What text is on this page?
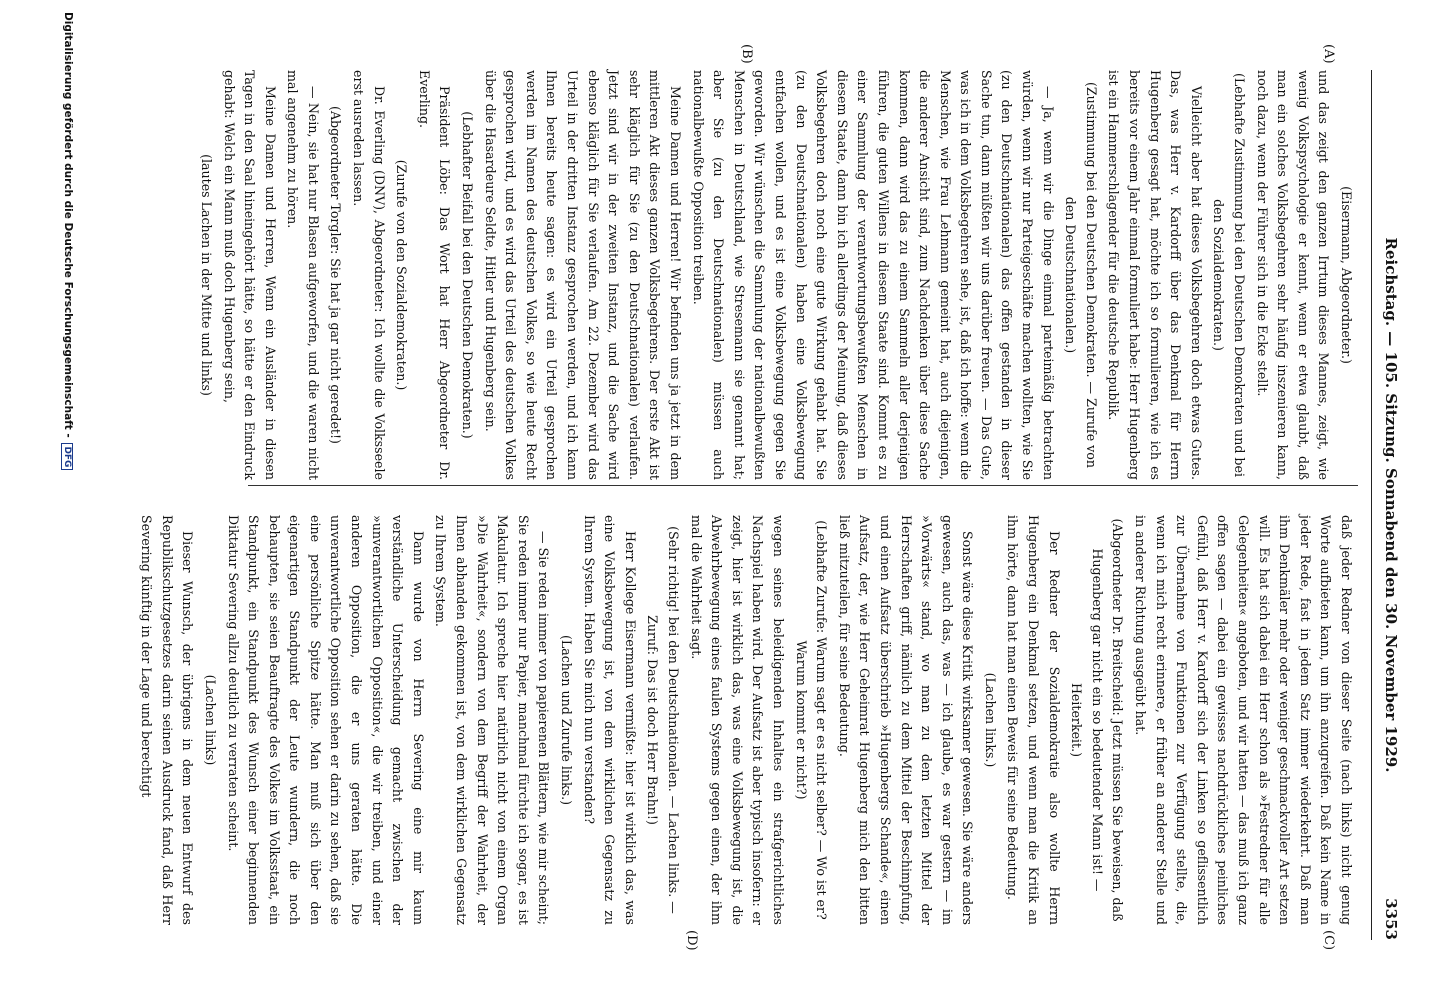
Reichstag. — 105. Sitzung. Sonnabend den 30. November 1929.
3353
(A)
(B)
(C)
(D)

(Eisermann, Abgeordneter.)

und das zeigt den ganzen Irrtum dieses Mannes, zeigt, wie wenig Volkspsychologie er kennt, wenn er etwa glaubt, daß man ein solches Volksbegehren sehr häufig inszenieren kann, noch dazu, wenn der Führer sich in die Ecke stellt.

(Lebhafte Zustimmung bei den Deutschen Demokraten und bei den Sozialdemokraten.)

Vielleicht aber hat dieses Volksbegehren doch etwas Gutes. Das, was Herr v. Kardorff über das Denkmal für Herrn Hugenberg gesagt hat, möchte ich so formulieren, wie ich es bereits vor einem Jahr einmal formuliert habe: Herr Hugenberg ist ein Hammerschlagender für die deutsche Republik.

(Zustimmung bei den Deutschen Demokraten. — Zurufe von den Deutschnationalen.)

— Ja, wenn wir die Dinge einmal parteimäßig betrachten würden, wenn wir nur Parteigeschäfte machen wollten, wie Sie (zu den Deutschnationalen) das offen gestanden in dieser Sache tun, dann müßten wir uns darüber freuen. — Das Gute, was ich in dem Volksbegehren sehe, ist, daß ich hoffe: wenn die Menschen, wie Frau Lehmann gemeint hat, auch diejenigen, die anderer Ansicht sind, zum Nachdenken über diese Sache kommen, dann wird das zu einem Sammeln aller derjenigen führen, die guten Willens in diesem Staate sind. Kommt es zu einer Sammlung der verantwortungsbewußten Menschen in diesem Staate, dann bin ich allerdings der Meinung, daß dieses Volksbegehren doch noch eine gute Wirkung gehabt hat. Sie (zu den Deutschnationalen) haben eine Volksbewegung entfachen wollen, und es ist eine Volksbewegung gegen Sie geworden. Wir wünschen die Sammlung der nationalbewußten Menschen in Deutschland, wie Stresemann sie genannt hat; aber Sie (zu den Deutschnationalen) müssen auch nationalbewußte Opposition treiben.

Meine Damen und Herren! Wir befinden uns ja jetzt in dem mittleren Akt dieses ganzen Volksbegehrens. Der erste Akt ist sehr kläglich für Sie (zu den Deutschnationalen) verlaufen. Jetzt sind wir in der zweiten Instanz, und die Sache wird ebenso kläglich für Sie verlaufen. Am 22. Dezember wird das Urteil in der dritten Instanz gesprochen werden, und ich kann Ihnen bereits heute sagen: es wird ein Urteil gesprochen werden im Namen des deutschen Volkes, so wie heute Recht gesprochen wird, und es wird das Urteil des deutschen Volkes über die Hasardeure Seldte, Hitler und Hugenberg sein.

(Lebhafter Beifall bei den Deutschen Demokraten.)

Präsident Löbe: Das Wort hat Herr Abgeordneter Dr. Everling.

(Zurufe von den Sozialdemokraten.)

Dr. Everling (DNV), Abgeordneter: Ich wollte die Volksseele erst ausreden lassen.

(Abgeordneter Torgler: Sie hat ja gar nicht geredet!)

— Nein, sie hat nur Blasen aufgeworfen, und die waren nicht mal angenehm zu hören.

Meine Damen und Herren, Wenn ein Ausländer in diesen Tagen in den Saal hineingehört hätte, so hätte er den Eindruck gehabt: Welch ein Mann muß doch Hugenberg sein,

(lautes Lachen in der Mitte und links)

daß jeder Redner von dieser Seite (nach links) nicht genug Worte aufbieten kann, um ihn anzugreifen. Daß kein Name in jeder Rede, fast in jedem Satz immer wiederkehrt. Daß man ihm Denkmäler mehr oder weniger geschmackvoller Art setzen will. Es hat sich dabei ein Herr schon als »Festredner für alle Gelegenheiten« angeboten, und wir hatten — das muß ich ganz offen sagen — dabei ein gewisses nachdrückliches peinliches Gefühl, daß Herr v. Kardorff sich der Linken so geflissentlich zur Übernahme von Funktionen zur Verfügung stellte, die, wenn ich mich recht erinnere, er früher an anderer Stelle und in anderer Richtung ausgeübt hat.

(Abgeordneter Dr. Breitscheid: Jetzt müssen Sie beweisen, daß Hugenberg gar nicht ein so bedeutender Mann ist! — Heiterkeit.)

Der Redner der Sozialdemokratie also wollte Herrn Hugenberg ein Denkmal setzen, und wenn man die Kritik an ihm hörte, dann hat man einen Beweis für seine Bedeutung.

(Lachen links.)

Sonst wäre diese Kritik wirksamer gewesen. Sie wäre anders gewesen, auch das, was — ich glaube, es war gestern — im »Vorwärts« stand, wo man zu dem letzten Mittel der Herrschaften griff, nämlich zu dem Mittel der Beschimpfung, und einen Aufsatz überschrieb »Hugenbergs Schande«, einen Aufsatz, der, wie Herr Geheimrat Hugenberg mich den bitten ließ mitzuteilen, für seine Bedeutung.

(Lebhafte Zurufe: Warum sagt er es nicht selber? — Wo ist er? Warum kommt er nicht?)

wegen seines beleidigenden Inhaltes ein strafgerichtliches Nachspiel haben wird. Der Aufsatz ist aber typisch insofern: er zeigt, hier ist wirklich das, was eine Volksbewegung ist, die Abwehrbewegung eines faulen Systems gegen einen, der ihm mal die Wahrheit sagt.

(Sehr richtig! bei den Deutschnationalen. — Lachen links. — Zuruf: Das ist doch Herr Brahn!)

Herr Kollege Eisermann vermißte: hier ist wirklich das, was eine Volksbewegung ist, von dem wirklichen Gegensatz zu Ihrem System. Haben Sie mich nun verstanden?

(Lachen und Zurufe links.)

— Sie reden immer von papierenen Blättern, wie mir scheint; Sie reden immer nur Papier, manchmal fürchte ich sogar, es ist Makulatur. Ich spreche hier natürlich nicht von einem Organ »Die Wahrheit«, sondern von dem Begriff der Wahrheit, der Ihnen abhanden gekommen ist, von dem wirklichen Gegensatz zu Ihrem System.

Dann wurde von Herrn Severing eine mir kaum verständliche Unterscheidung gemacht zwischen der »unverantwortlichen Opposition«, die wir treiben, und einer anderen Opposition, die er uns geraten hätte. Die unverantwortliche Opposition sehen er darin zu sehen, daß sie eine persönliche Spitze hätte. Man muß sich über den eigenartigen Standpunkt der Leute wundern, die noch behaupten, sie seien Beauftragte des Volkes im Volksstaat, ein Standpunkt, ein Standpunkt des Wunsch einer beginnenden Diktatur Severing allzu deutlich zu verraten scheint.

(Lachen links)

Dieser Wunsch, der übrigens in dem neuen Entwurf des Republikschutzgesetzes darin seinen Ausdruck fand, daß Herr Severing künftig in der Lage und berechtigt

Digitalisierung gefördert durch die Deutsche Forschungsgemeinschaft - DFG
